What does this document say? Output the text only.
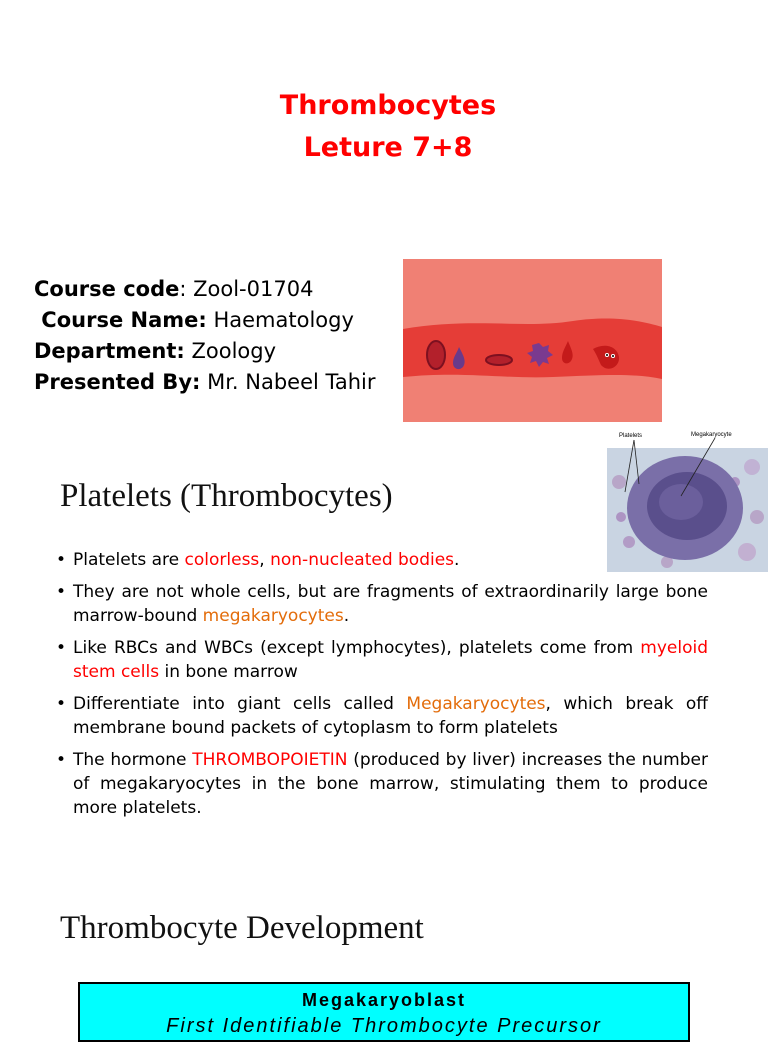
Thrombocytes
Leture 7+8
Course code: Zool-01704
Course Name: Haematology
Department: Zoology
Presented By: Mr. Nabeel Tahir
Platelets	Megakaryocyte
Platelets (Thrombocytes)
• Platelets are colorless, non-nucleated bodies.
• They are not whole cells, but are fragments of extraordinarily large bone marrow-bound megakaryocytes.
• Like RBCs and WBCs (except lymphocytes), platelets come from myeloid stem cells in bone marrow
• Differentiate into giant cells called Megakaryocytes, which break off membrane bound packets of cytoplasm to form platelets
• The hormone THROMBOPOIETIN (produced by liver) increases the number of megakaryocytes in the bone marrow, stimulating them to produce more platelets.
Thrombocyte Development
Megakaryoblast
First Identifiable Thrombocyte Precursor
